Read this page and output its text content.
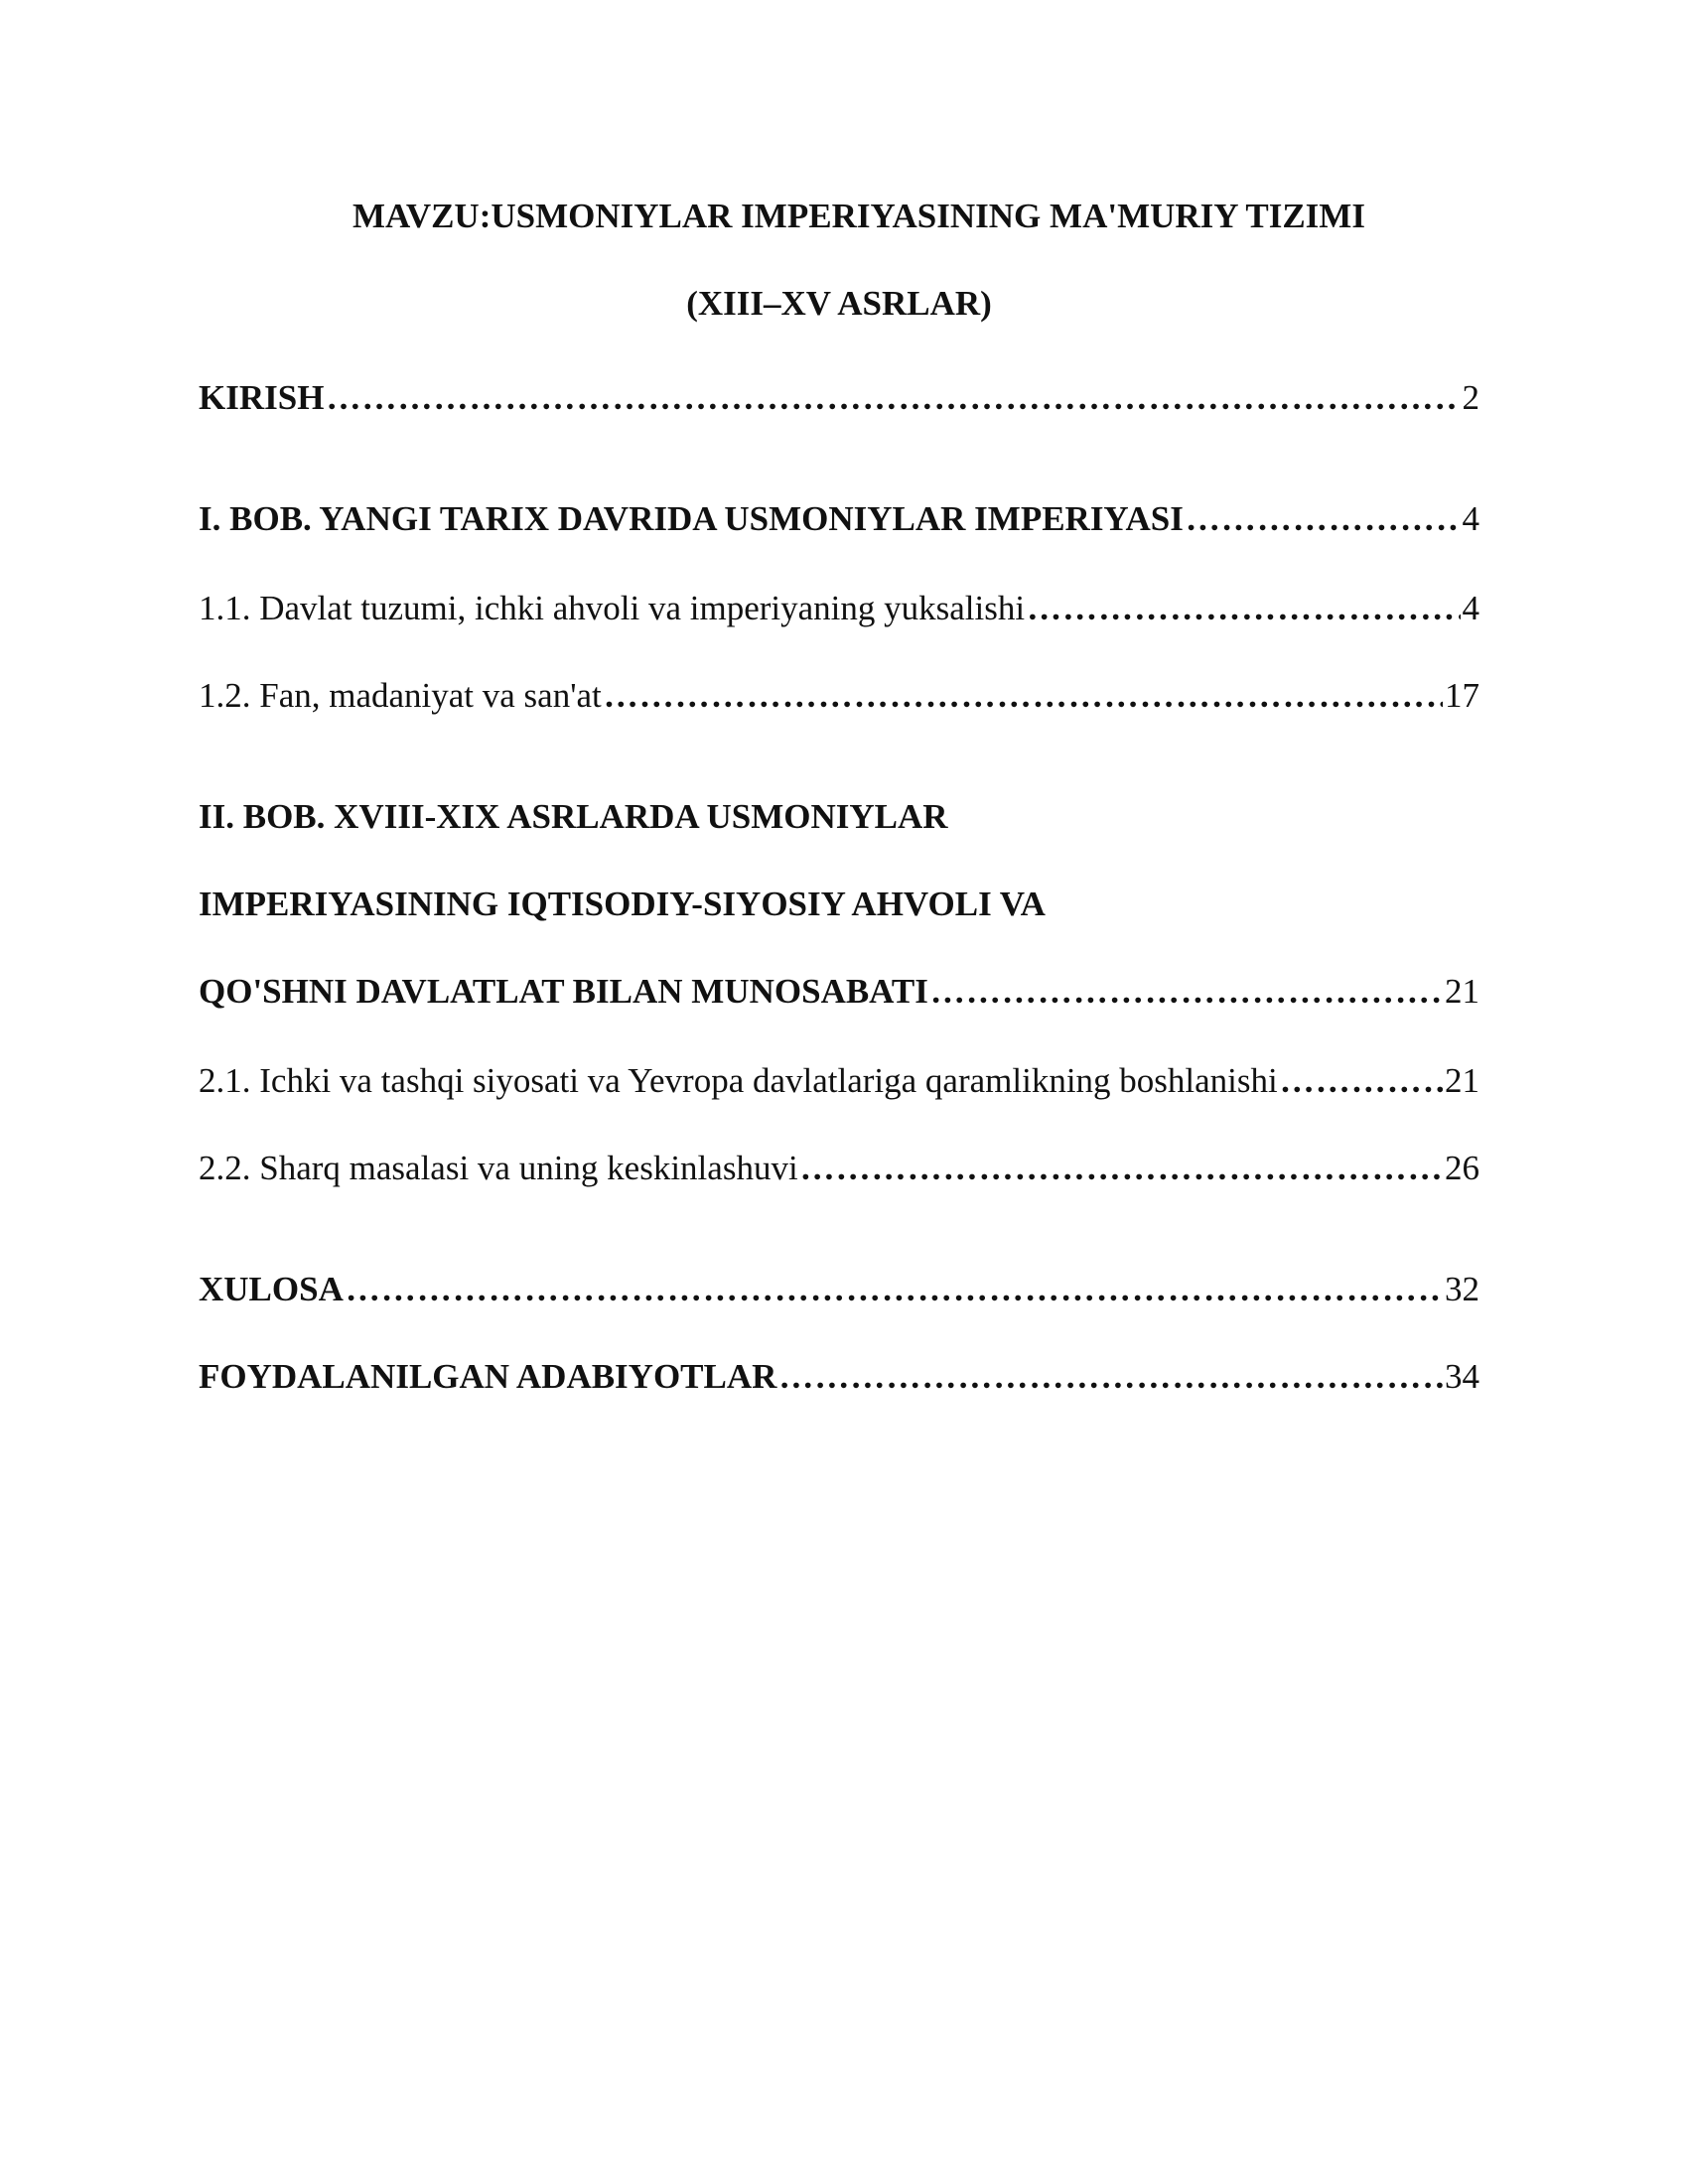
MAVZU:USMONIYLAR IMPERIYASINING MA'MURIY TIZIMI
(XIII–XV ASRLAR)
KIRISH ……………………………………………………………………………………………………………………………………………………………………………………	2
I. BOB. YANGI TARIX DAVRIDA USMONIYLAR IMPERIYASI ……………………………………………………………………………………………………………………………………………………………………………………	4
1.1. Davlat tuzumi, ichki ahvoli va imperiyaning yuksalishi ……………………………………………………………………………………………………………………………………………………………………………………	4
1.2. Fan, madaniyat va san'at ……………………………………………………………………………………………………………………………………………………………………………………	17
II. BOB. XVIII-XIX ASRLARDA USMONIYLAR
IMPERIYASINING IQTISODIY-SIYOSIY AHVOLI VA
QO'SHNI DAVLATLAT BILAN MUNOSABATI ……………………………………………………………………………………………………………………………………………………………………………………	21
2.1. Ichki va tashqi siyosati va Yevropa davlatlariga qaramlikning boshlanishi ……………………………………………………………………………………………………………………………………………………………………………………	21
2.2. Sharq masalasi va uning keskinlashuvi ……………………………………………………………………………………………………………………………………………………………………………………	26
XULOSA ……………………………………………………………………………………………………………………………………………………………………………………	32
FOYDALANILGAN ADABIYOTLAR ……………………………………………………………………………………………………………………………………………………………………………………	34
